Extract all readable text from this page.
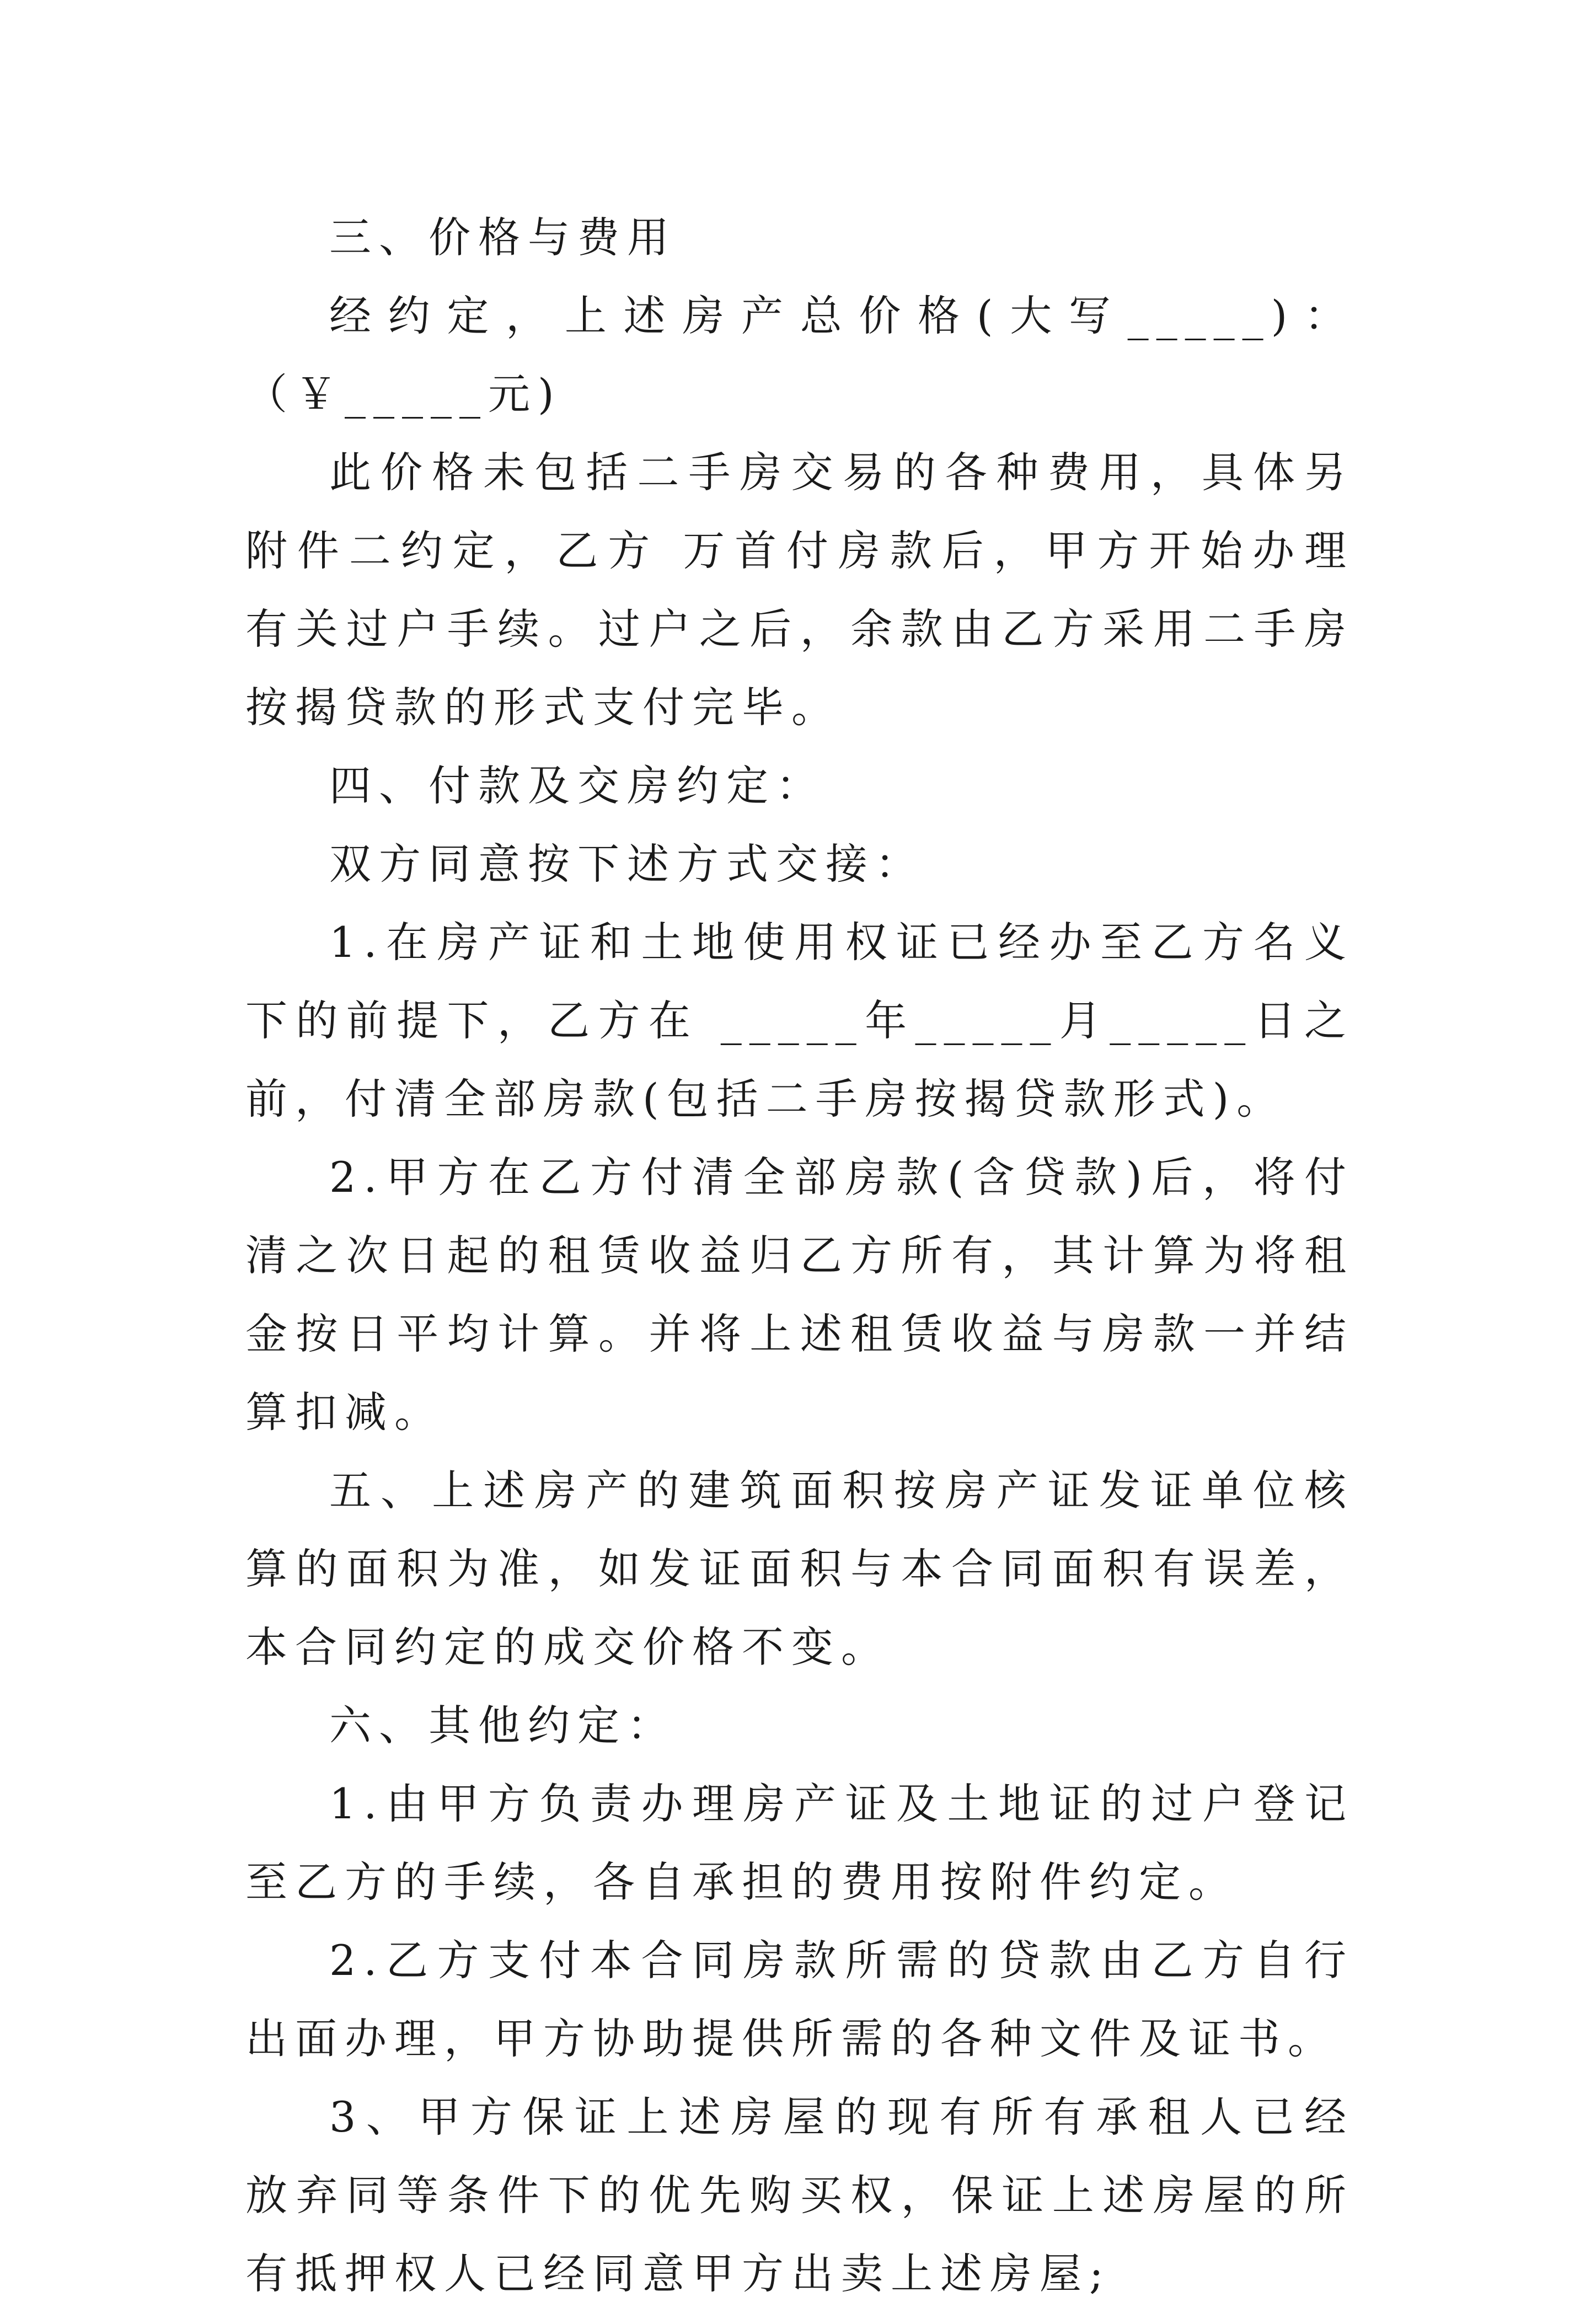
三、价格与费用

经约定，上述房产总价格(大写_____)：（￥_____元)

此价格未包括二手房交易的各种费用，具体另附件二约定，乙方 万首付房款后，甲方开始办理有关过户手续。过户之后，余款由乙方采用二手房按揭贷款的形式支付完毕。

四、付款及交房约定：

双方同意按下述方式交接：

1.在房产证和土地使用权证已经办至乙方名义下的前提下，乙方在 _____年_____月_____日之前，付清全部房款(包括二手房按揭贷款形式)。

2.甲方在乙方付清全部房款(含贷款)后，将付清之次日起的租赁收益归乙方所有，其计算为将租金按日平均计算。并将上述租赁收益与房款一并结算扣减。

五、上述房产的建筑面积按房产证发证单位核算的面积为准，如发证面积与本合同面积有误差，本合同约定的成交价格不变。

六、其他约定：

1.由甲方负责办理房产证及土地证的过户登记至乙方的手续，各自承担的费用按附件约定。

2.乙方支付本合同房款所需的贷款由乙方自行出面办理，甲方协助提供所需的各种文件及证书。

3、甲方保证上述房屋的现有所有承租人已经放弃同等条件下的优先购买权，保证上述房屋的所有抵押权人已经同意甲方出卖上述房屋;
